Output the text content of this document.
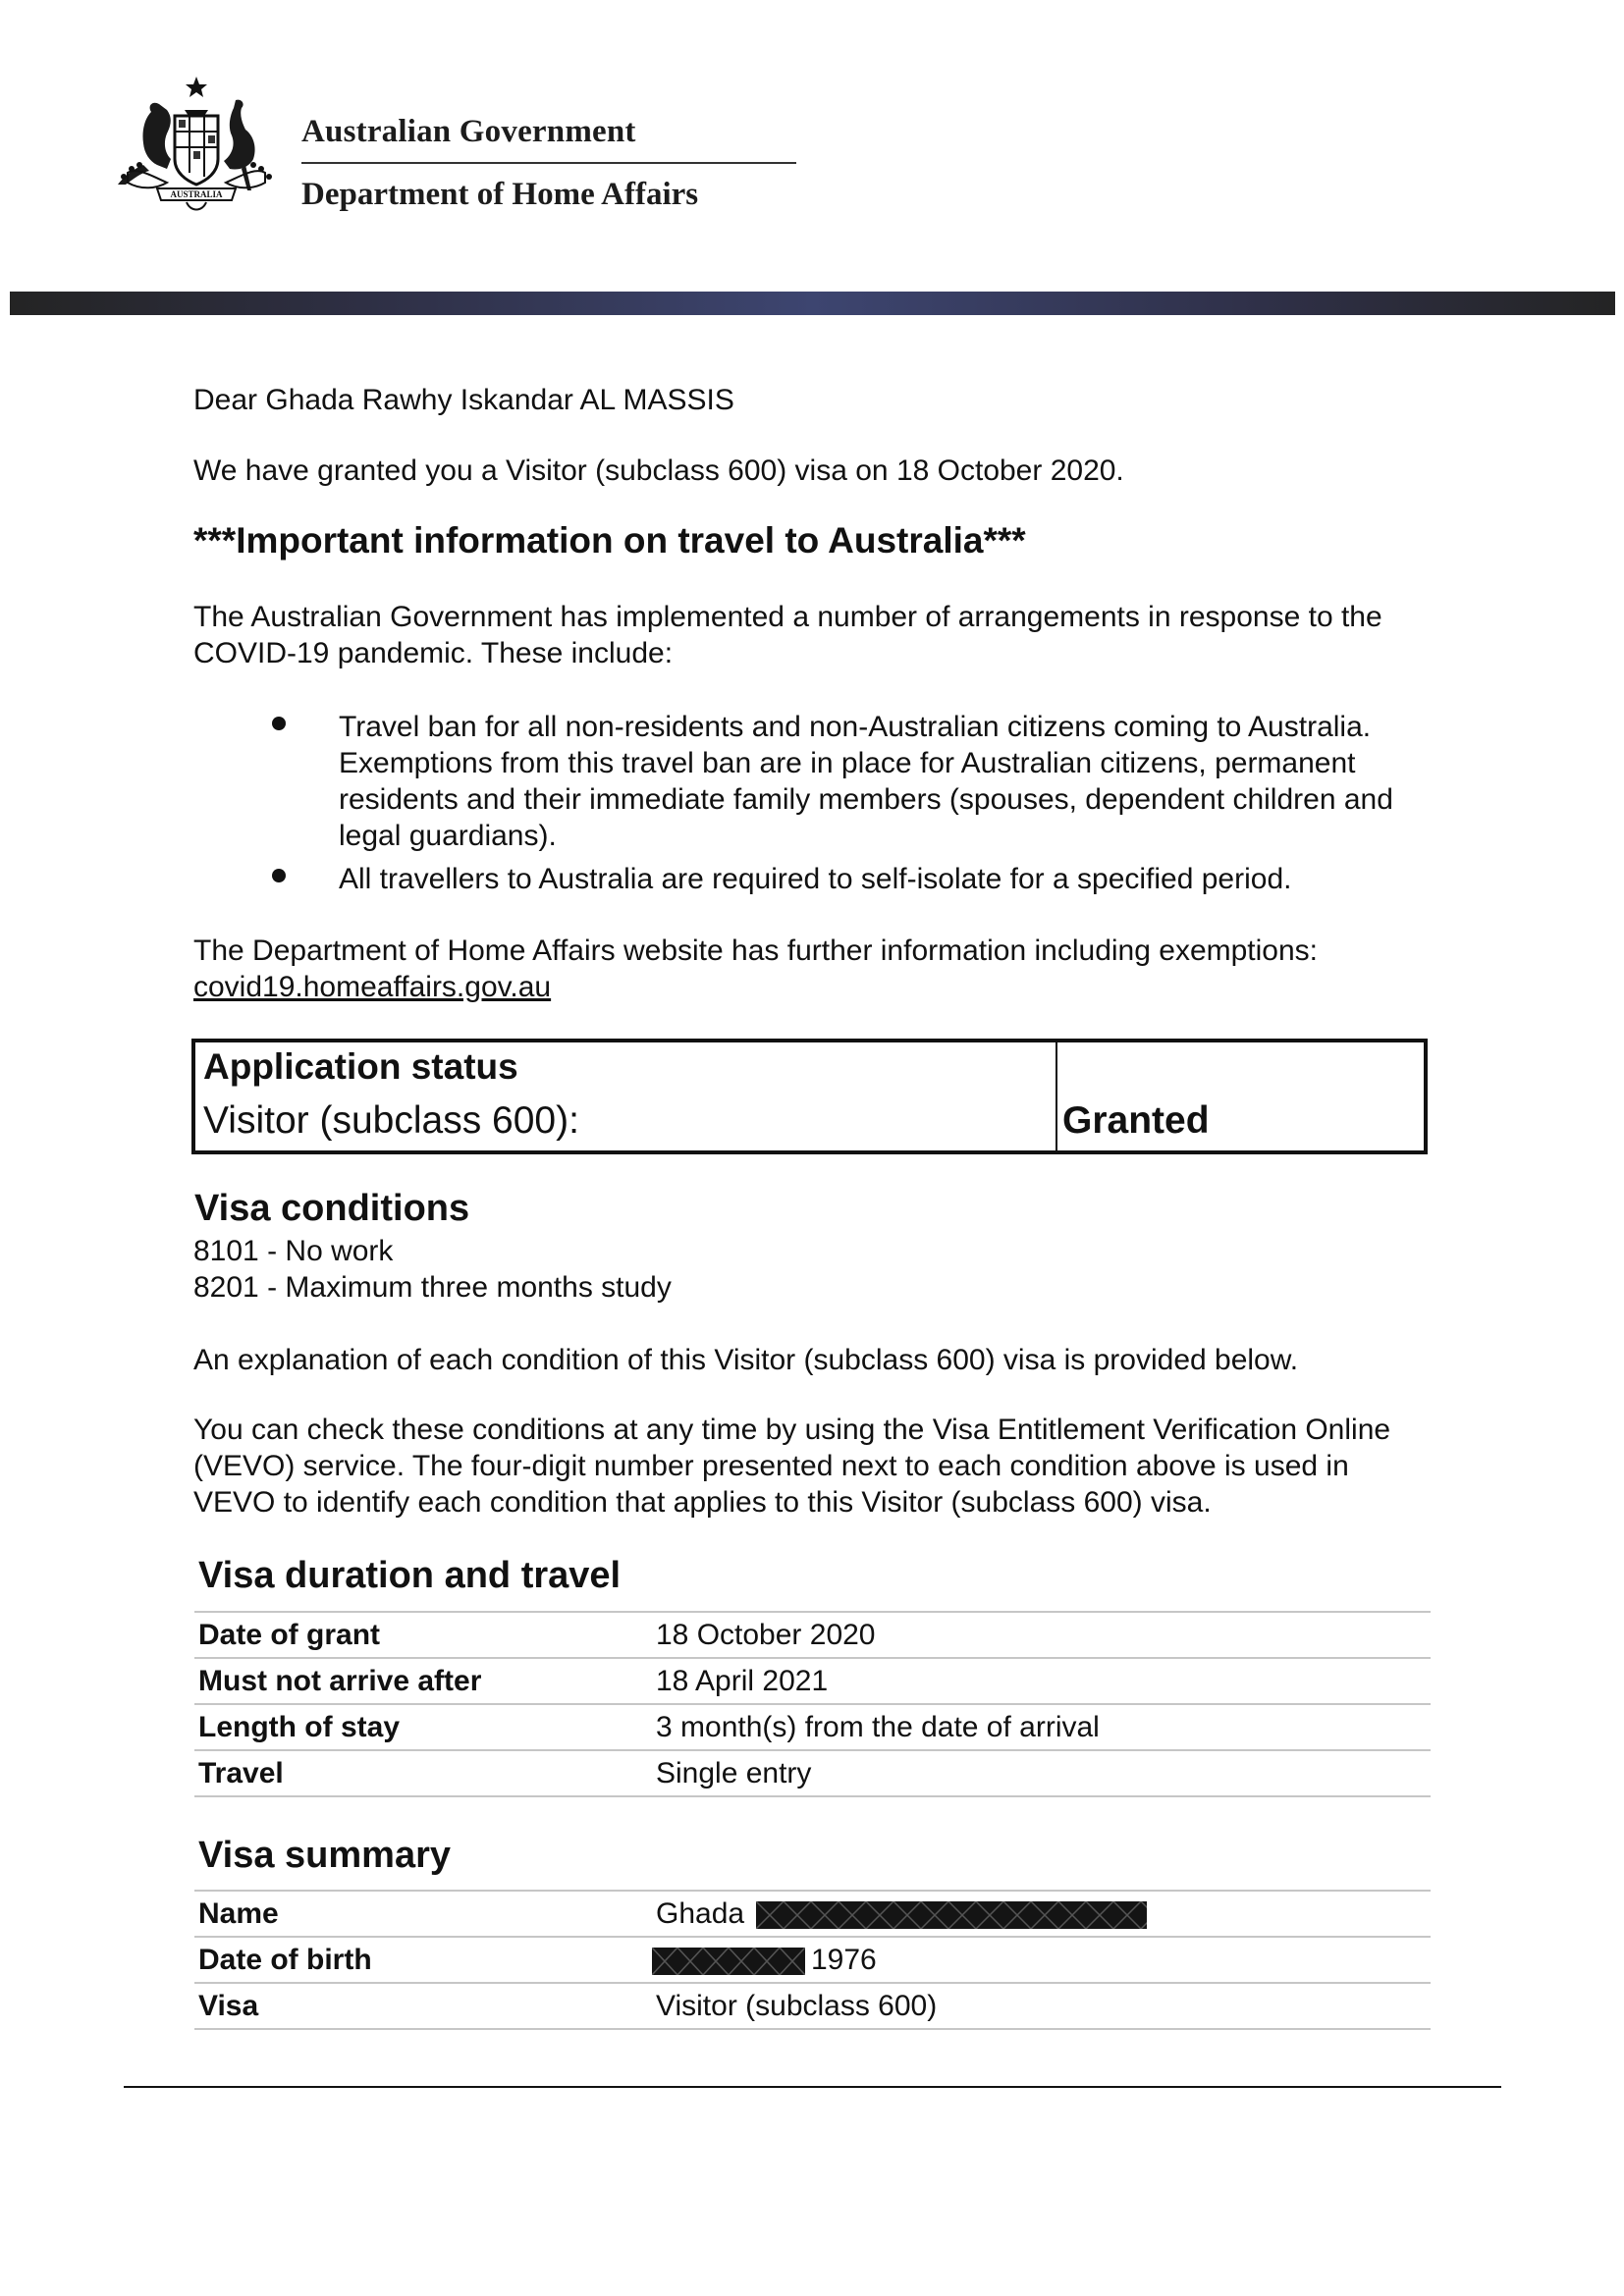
AUSTRALIA
Australian Government
Department of Home Affairs

Dear Ghada Rawhy Iskandar AL MASSIS

We have granted you a Visitor (subclass 600) visa on 18 October 2020.

***Important information on travel to Australia***

The Australian Government has implemented a number of arrangements in response to the COVID-19 pandemic. These include:

Travel ban for all non-residents and non-Australian citizens coming to Australia. Exemptions from this travel ban are in place for Australian citizens, permanent residents and their immediate family members (spouses, dependent children and legal guardians).
All travellers to Australia are required to self-isolate for a specified period.

The Department of Home Affairs website has further information including exemptions:
covid19.homeaffairs.gov.au

Application status
Visitor (subclass 600):	Granted
Visa conditions

8101 - No work

8201 - Maximum three months study

An explanation of each condition of this Visitor (subclass 600) visa is provided below.

You can check these conditions at any time by using the Visa Entitlement Verification Online (VEVO) service. The four-digit number presented next to each condition above is used in VEVO to identify each condition that applies to this Visitor (subclass 600) visa.

Visa duration and travel
Date of grant	18 October 2020
Must not arrive after	18 April 2021
Length of stay	3 month(s) from the date of arrival
Travel	Single entry
Visa summary
Name	Ghada

Date of birth	1976
Visa	Visitor (subclass 600)
